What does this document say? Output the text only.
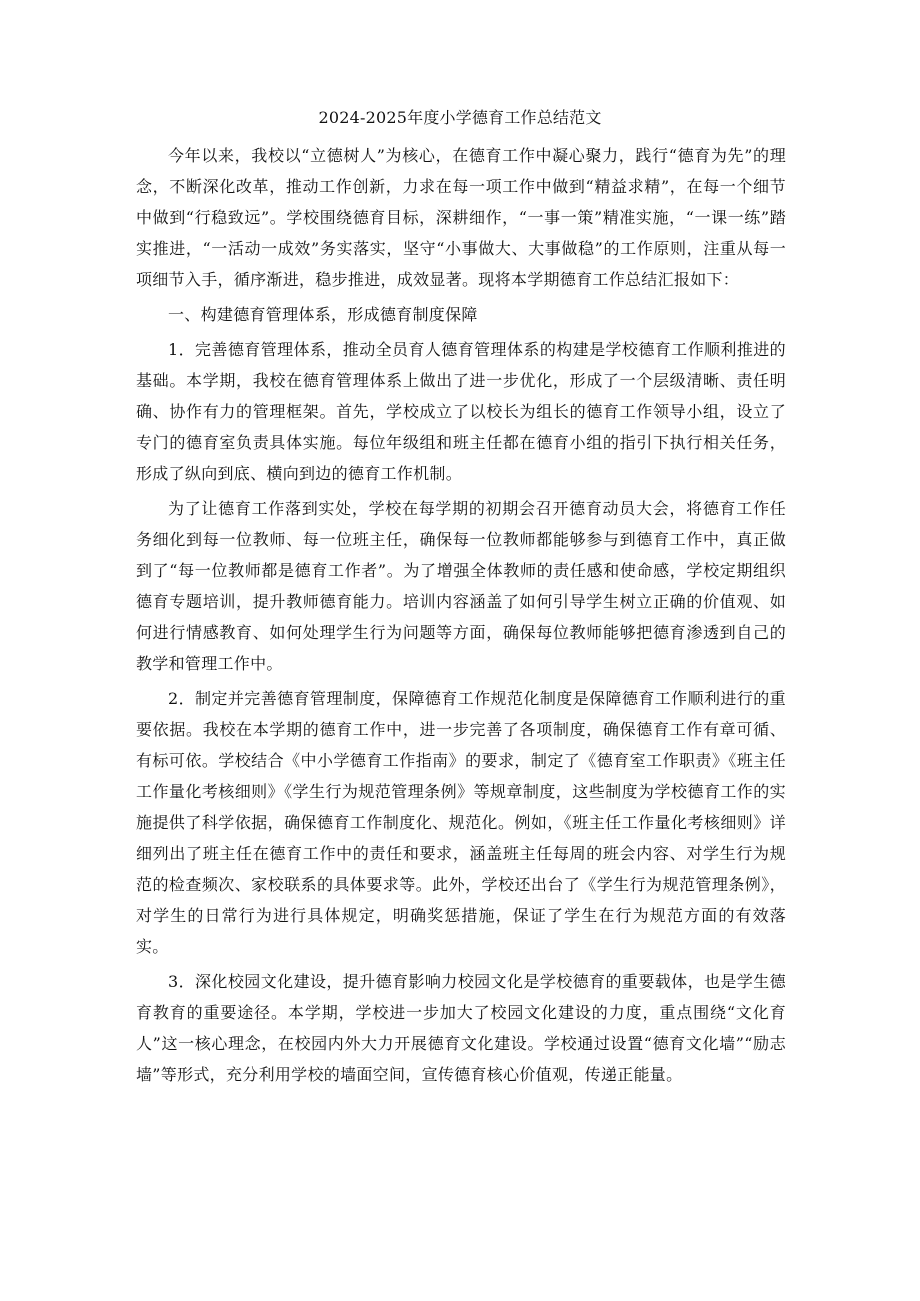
2024-2025年度小学德育工作总结范文

今年以来，我校以“立德树人”为核心，在德育工作中凝心聚力，践行“德育为先”的理念，不断深化改革，推动工作创新，力求在每一项工作中做到“精益求精”，在每一个细节中做到“行稳致远”。学校围绕德育目标，深耕细作，“一事一策”精准实施，“一课一练”踏实推进，“一活动一成效”务实落实，坚守“小事做大、大事做稳”的工作原则，注重从每一项细节入手，循序渐进，稳步推进，成效显著。现将本学期德育工作总结汇报如下：

一、构建德育管理体系，形成德育制度保障

1．完善德育管理体系，推动全员育人德育管理体系的构建是学校德育工作顺利推进的基础。本学期，我校在德育管理体系上做出了进一步优化，形成了一个层级清晰、责任明确、协作有力的管理框架。首先，学校成立了以校长为组长的德育工作领导小组，设立了专门的德育室负责具体实施。每位年级组和班主任都在德育小组的指引下执行相关任务，形成了纵向到底、横向到边的德育工作机制。

为了让德育工作落到实处，学校在每学期的初期会召开德育动员大会，将德育工作任务细化到每一位教师、每一位班主任，确保每一位教师都能够参与到德育工作中，真正做到了“每一位教师都是德育工作者”。为了增强全体教师的责任感和使命感，学校定期组织德育专题培训，提升教师德育能力。培训内容涵盖了如何引导学生树立正确的价值观、如何进行情感教育、如何处理学生行为问题等方面，确保每位教师能够把德育渗透到自己的教学和管理工作中。

2．制定并完善德育管理制度，保障德育工作规范化制度是保障德育工作顺利进行的重要依据。我校在本学期的德育工作中，进一步完善了各项制度，确保德育工作有章可循、有标可依。学校结合《中小学德育工作指南》的要求，制定了《德育室工作职责》《班主任工作量化考核细则》《学生行为规范管理条例》等规章制度，这些制度为学校德育工作的实施提供了科学依据，确保德育工作制度化、规范化。例如，《班主任工作量化考核细则》详细列出了班主任在德育工作中的责任和要求，涵盖班主任每周的班会内容、对学生行为规范的检查频次、家校联系的具体要求等。此外，学校还出台了《学生行为规范管理条例》，对学生的日常行为进行具体规定，明确奖惩措施，保证了学生在行为规范方面的有效落实。

3．深化校园文化建设，提升德育影响力校园文化是学校德育的重要载体，也是学生德育教育的重要途径。本学期，学校进一步加大了校园文化建设的力度，重点围绕“文化育人”这一核心理念，在校园内外大力开展德育文化建设。学校通过设置“德育文化墙”“励志墙”等形式，充分利用学校的墙面空间，宣传德育核心价值观，传递正能量。
